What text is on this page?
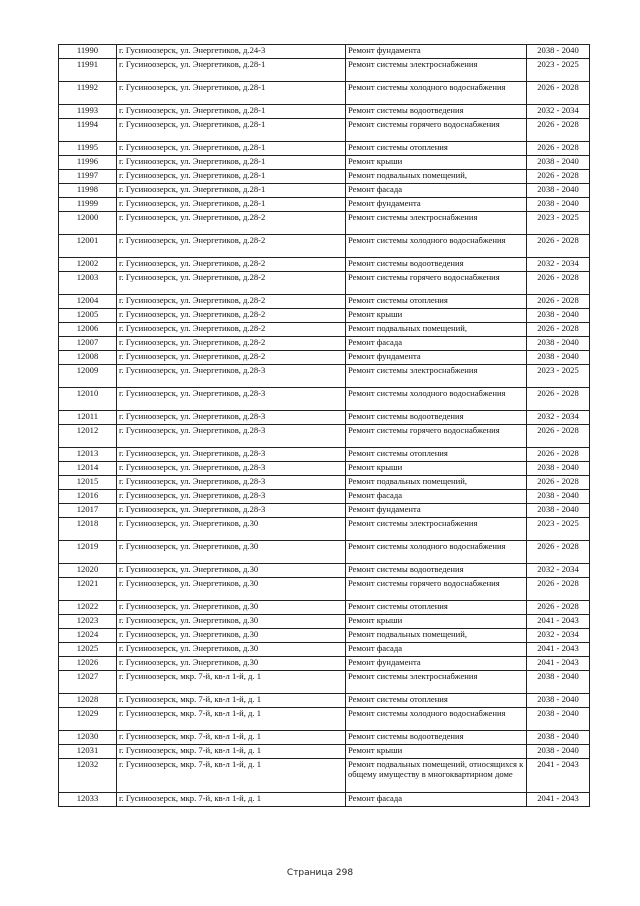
11990	г. Гусиноозерск, ул. Энергетиков, д.24-3	Ремонт фундамента	2038 - 2040
11991	г. Гусиноозерск, ул. Энергетиков, д.28-1	Ремонт системы электроснабжения	2023 - 2025
11992	г. Гусиноозерск, ул. Энергетиков, д.28-1	Ремонт системы холодного водоснабжения	2026 - 2028
11993	г. Гусиноозерск, ул. Энергетиков, д.28-1	Ремонт системы водоотведения	2032 - 2034
11994	г. Гусиноозерск, ул. Энергетиков, д.28-1	Ремонт системы горячего водоснабжения	2026 - 2028
11995	г. Гусиноозерск, ул. Энергетиков, д.28-1	Ремонт системы отопления	2026 - 2028
11996	г. Гусиноозерск, ул. Энергетиков, д.28-1	Ремонт крыши	2038 - 2040
11997	г. Гусиноозерск, ул. Энергетиков, д.28-1	Ремонт подвальных помещений,	2026 - 2028
11998	г. Гусиноозерск, ул. Энергетиков, д.28-1	Ремонт фасада	2038 - 2040
11999	г. Гусиноозерск, ул. Энергетиков, д.28-1	Ремонт фундамента	2038 - 2040
12000	г. Гусиноозерск, ул. Энергетиков, д.28-2	Ремонт системы электроснабжения	2023 - 2025
12001	г. Гусиноозерск, ул. Энергетиков, д.28-2	Ремонт системы холодного водоснабжения	2026 - 2028
12002	г. Гусиноозерск, ул. Энергетиков, д.28-2	Ремонт системы водоотведения	2032 - 2034
12003	г. Гусиноозерск, ул. Энергетиков, д.28-2	Ремонт системы горячего водоснабжения	2026 - 2028
12004	г. Гусиноозерск, ул. Энергетиков, д.28-2	Ремонт системы отопления	2026 - 2028
12005	г. Гусиноозерск, ул. Энергетиков, д.28-2	Ремонт крыши	2038 - 2040
12006	г. Гусиноозерск, ул. Энергетиков, д.28-2	Ремонт подвальных помещений,	2026 - 2028
12007	г. Гусиноозерск, ул. Энергетиков, д.28-2	Ремонт фасада	2038 - 2040
12008	г. Гусиноозерск, ул. Энергетиков, д.28-2	Ремонт фундамента	2038 - 2040
12009	г. Гусиноозерск, ул. Энергетиков, д.28-3	Ремонт системы электроснабжения	2023 - 2025
12010	г. Гусиноозерск, ул. Энергетиков, д.28-3	Ремонт системы холодного водоснабжения	2026 - 2028
12011	г. Гусиноозерск, ул. Энергетиков, д.28-3	Ремонт системы водоотведения	2032 - 2034
12012	г. Гусиноозерск, ул. Энергетиков, д.28-3	Ремонт системы горячего водоснабжения	2026 - 2028
12013	г. Гусиноозерск, ул. Энергетиков, д.28-3	Ремонт системы отопления	2026 - 2028
12014	г. Гусиноозерск, ул. Энергетиков, д.28-3	Ремонт крыши	2038 - 2040
12015	г. Гусиноозерск, ул. Энергетиков, д.28-3	Ремонт подвальных помещений,	2026 - 2028
12016	г. Гусиноозерск, ул. Энергетиков, д.28-3	Ремонт фасада	2038 - 2040
12017	г. Гусиноозерск, ул. Энергетиков, д.28-3	Ремонт фундамента	2038 - 2040
12018	г. Гусиноозерск, ул. Энергетиков, д.30	Ремонт системы электроснабжения	2023 - 2025
12019	г. Гусиноозерск, ул. Энергетиков, д.30	Ремонт системы холодного водоснабжения	2026 - 2028
12020	г. Гусиноозерск, ул. Энергетиков, д.30	Ремонт системы водоотведения	2032 - 2034
12021	г. Гусиноозерск, ул. Энергетиков, д.30	Ремонт системы горячего водоснабжения	2026 - 2028
12022	г. Гусиноозерск, ул. Энергетиков, д.30	Ремонт системы отопления	2026 - 2028
12023	г. Гусиноозерск, ул. Энергетиков, д.30	Ремонт крыши	2041 - 2043
12024	г. Гусиноозерск, ул. Энергетиков, д.30	Ремонт подвальных помещений,	2032 - 2034
12025	г. Гусиноозерск, ул. Энергетиков, д.30	Ремонт фасада	2041 - 2043
12026	г. Гусиноозерск, ул. Энергетиков, д.30	Ремонт фундамента	2041 - 2043
12027	г. Гусиноозерск, мкр. 7-й, кв-л 1-й, д. 1	Ремонт системы электроснабжения	2038 - 2040
12028	г. Гусиноозерск, мкр. 7-й, кв-л 1-й, д. 1	Ремонт системы отопления	2038 - 2040
12029	г. Гусиноозерск, мкр. 7-й, кв-л 1-й, д. 1	Ремонт системы холодного водоснабжения	2038 - 2040
12030	г. Гусиноозерск, мкр. 7-й, кв-л 1-й, д. 1	Ремонт системы водоотведения	2038 - 2040
12031	г. Гусиноозерск, мкр. 7-й, кв-л 1-й, д. 1	Ремонт крыши	2038 - 2040
12032	г. Гусиноозерск, мкр. 7-й, кв-л 1-й, д. 1	Ремонт подвальных помещений, относящихся к общему имуществу в многоквартирном доме	2041 - 2043
12033	г. Гусиноозерск, мкр. 7-й, кв-л 1-й, д. 1	Ремонт фасада	2041 - 2043
Страница 298
